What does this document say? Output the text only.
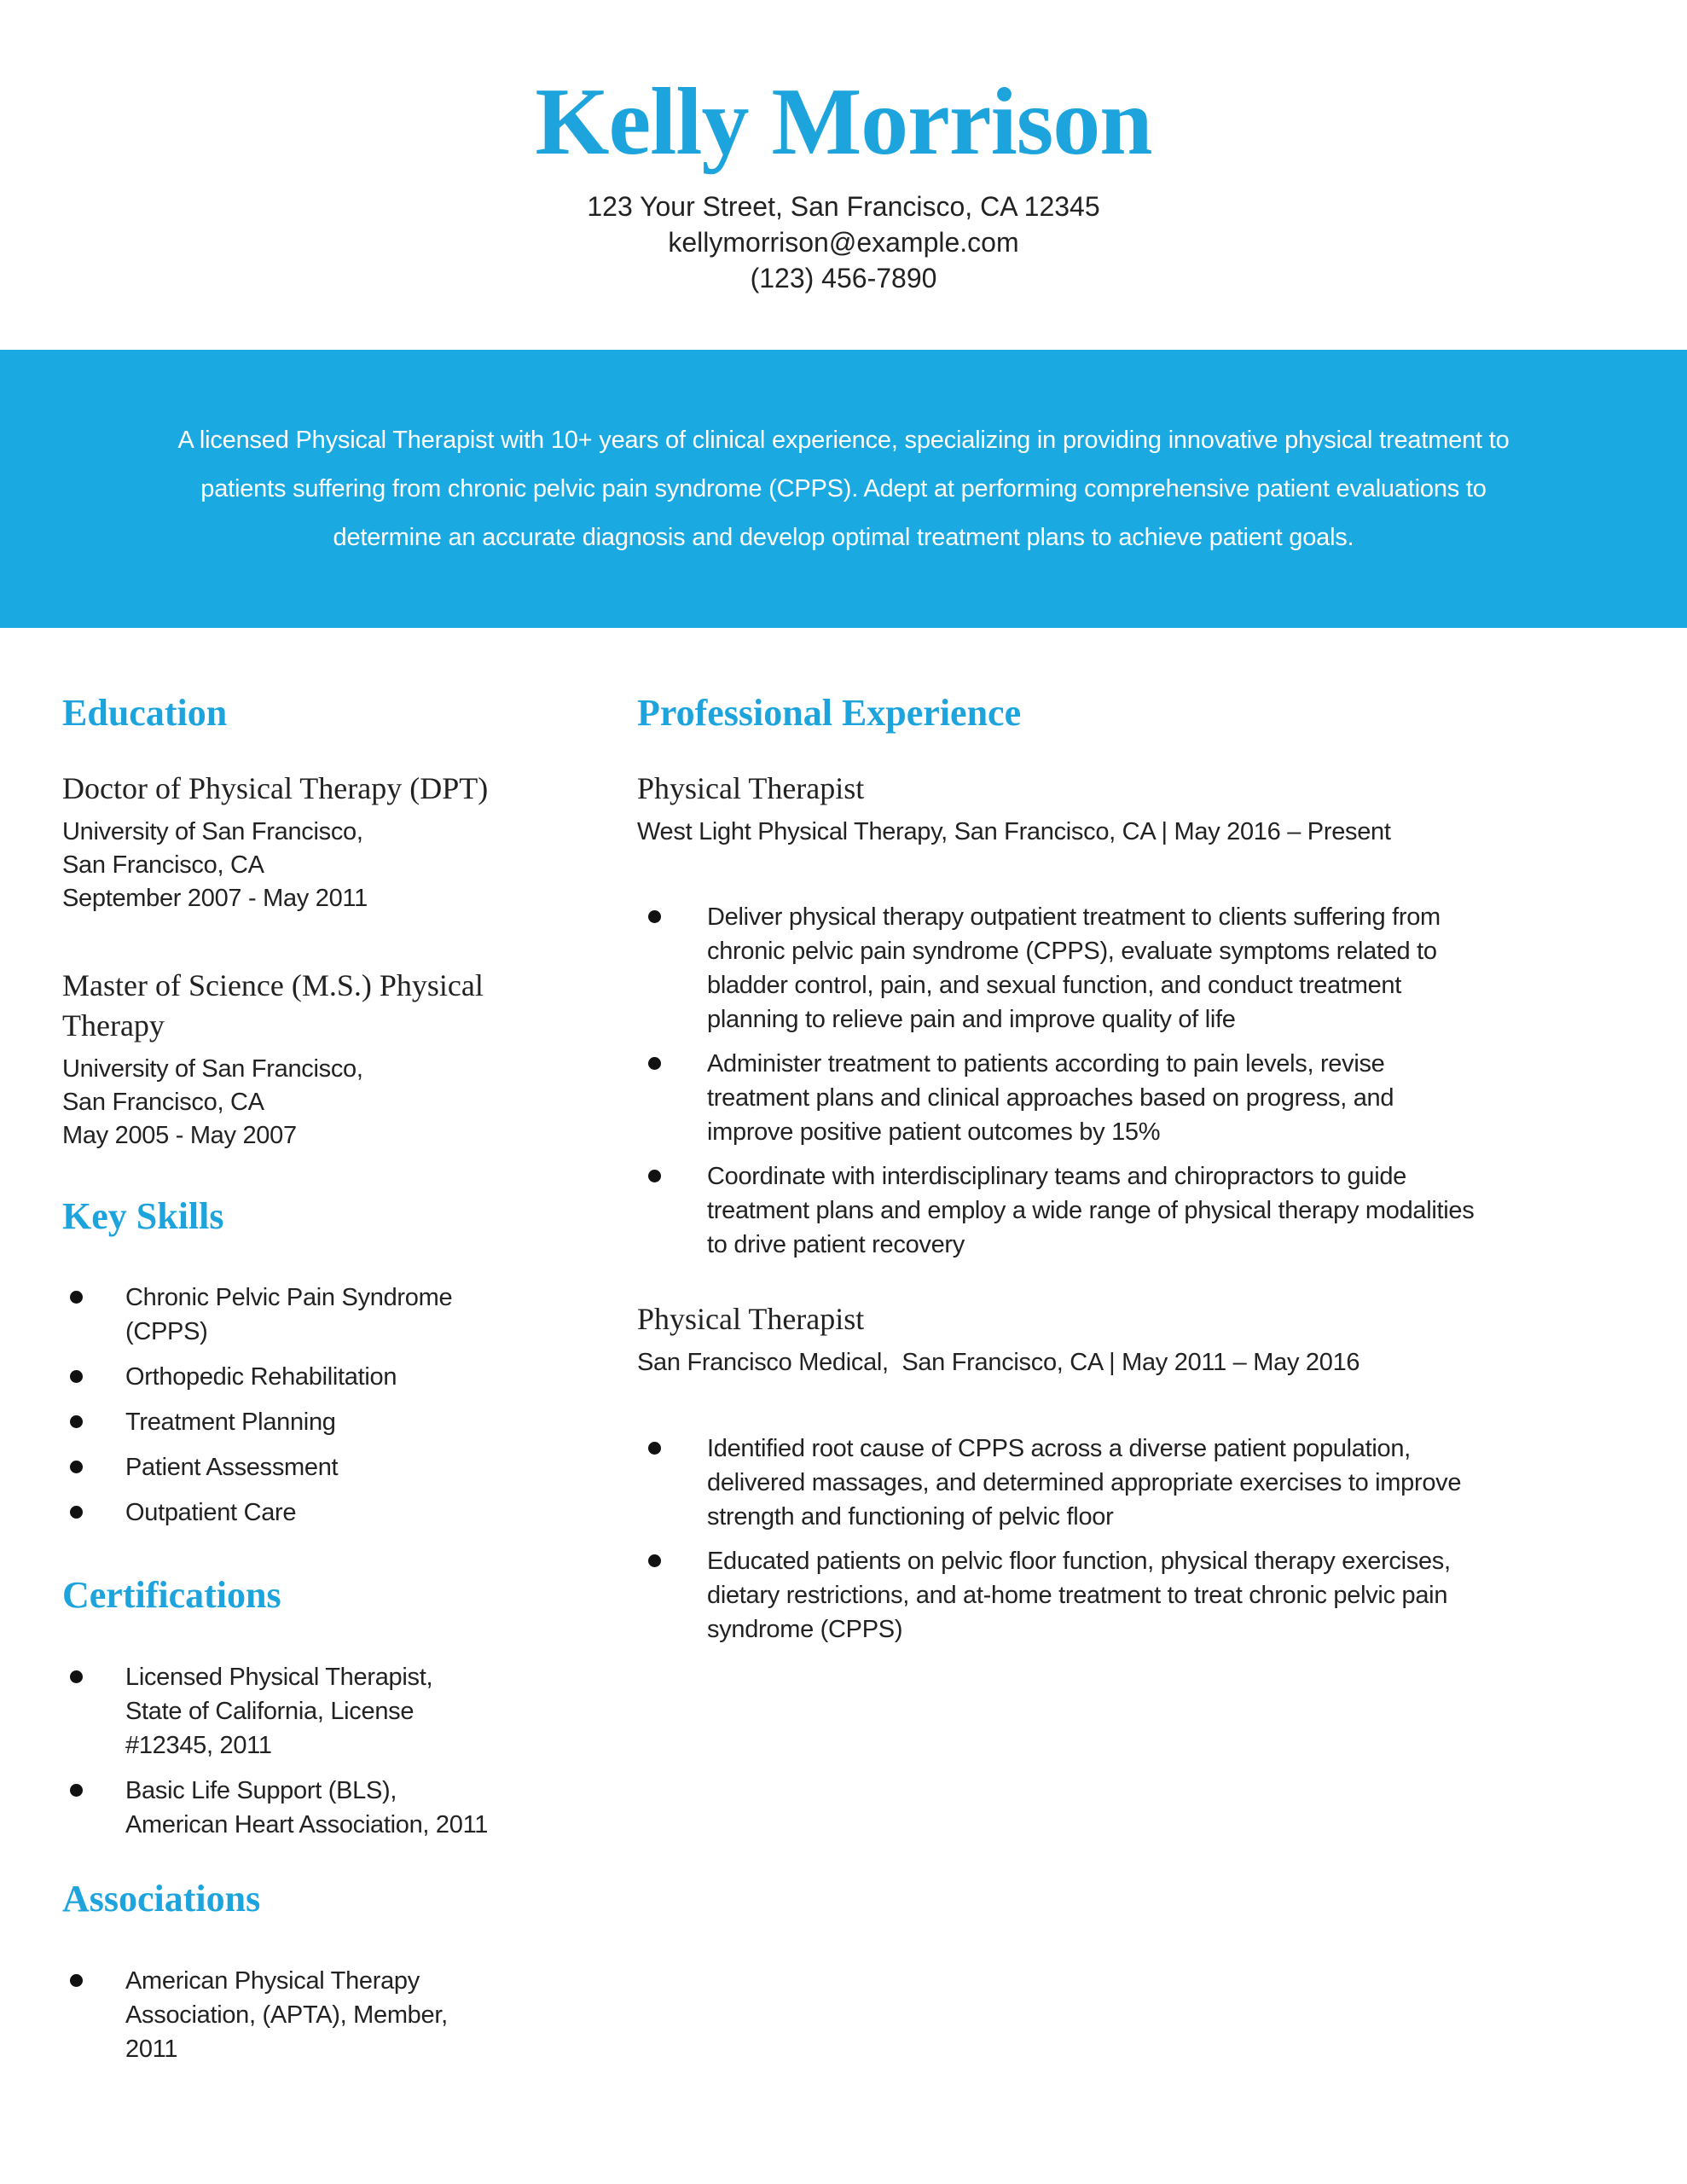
Kelly Morrison
123 Your Street, San Francisco, CA 12345
kellymorrison@example.com
(123) 456-7890
A licensed Physical Therapist with 10+ years of clinical experience, specializing in providing innovative physical treatment to patients suffering from chronic pelvic pain syndrome (CPPS). Adept at performing comprehensive patient evaluations to determine an accurate diagnosis and develop optimal treatment plans to achieve patient goals.
Education
Doctor of Physical Therapy (DPT)
University of San Francisco,
San Francisco, CA
September 2007 - May 2011
Master of Science (M.S.) Physical Therapy
University of San Francisco,
San Francisco, CA
May 2005 - May 2007
Key Skills
Chronic Pelvic Pain Syndrome (CPPS)
Orthopedic Rehabilitation
Treatment Planning
Patient Assessment
Outpatient Care
Certifications
Licensed Physical Therapist, State of California, License #12345, 2011
Basic Life Support (BLS), American Heart Association, 2011
Associations
American Physical Therapy Association, (APTA), Member, 2011
Professional Experience
Physical Therapist
West Light Physical Therapy, San Francisco, CA | May 2016 – Present
Deliver physical therapy outpatient treatment to clients suffering from chronic pelvic pain syndrome (CPPS), evaluate symptoms related to bladder control, pain, and sexual function, and conduct treatment planning to relieve pain and improve quality of life
Administer treatment to patients according to pain levels, revise treatment plans and clinical approaches based on progress, and improve positive patient outcomes by 15%
Coordinate with interdisciplinary teams and chiropractors to guide treatment plans and employ a wide range of physical therapy modalities to drive patient recovery
Physical Therapist
San Francisco Medical,  San Francisco, CA | May 2011 – May 2016
Identified root cause of CPPS across a diverse patient population, delivered massages, and determined appropriate exercises to improve strength and functioning of pelvic floor
Educated patients on pelvic floor function, physical therapy exercises, dietary restrictions, and at-home treatment to treat chronic pelvic pain syndrome (CPPS)
